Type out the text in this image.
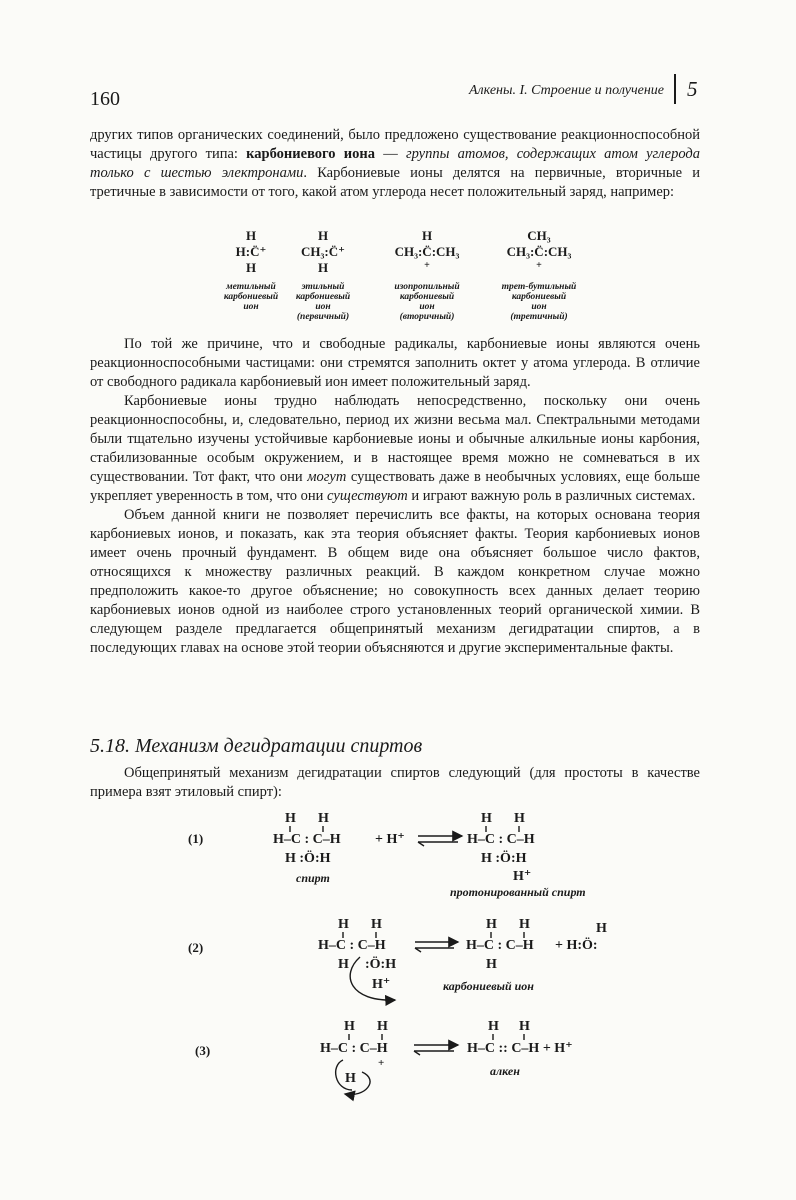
160	Алкены. I. Строение и получение 5

других типов органических соединений, было предложено существование реакционноспособной частицы другого типа: карбониевого иона — группы атомов, содержащих атом углерода только с шестью электронами. Карбониевые ионы делятся на первичные, вторичные и третичные в зависимости от того, какой атом углерода несет положительный заряд, например:

H
H:C̈⁺
H
метильный
карбониевый
ион
H
CH₃:C̈⁺
H
этильный
карбониевый
ион
(первичный)
H
CH₃:C̈:CH₃
+
изопропильный
карбониевый
ион
(вторичный)
CH₃
CH₃:C̈:CH₃
+
трет-бутильный
карбониевый
ион
(третичный)

По той же причине, что и свободные радикалы, карбониевые ионы являются очень реакционноспособными частицами: они стремятся заполнить октет у атома углерода. В отличие от свободного радикала карбониевый ион имеет положительный заряд.

Карбониевые ионы трудно наблюдать непосредственно, поскольку они очень реакционноспособны, и, следовательно, период их жизни весьма мал. Спектральными методами были тщательно изучены устойчивые карбониевые ионы и обычные алкильные ионы карбония, стабилизованные особым окружением, и в настоящее время можно не сомневаться в их существовании. Тот факт, что они могут существовать даже в необычных условиях, еще больше укрепляет уверенность в том, что они существуют и играют важную роль в различных системах.

Объем данной книги не позволяет перечислить все факты, на которых основана теория карбониевых ионов, и показать, как эта теория объясняет факты. Теория карбониевых ионов имеет очень прочный фундамент. В общем виде она объясняет большое число фактов, относящихся к множеству различных реакций. В каждом конкретном случае можно предположить какое-то другое объяснение; но совокупность всех данных делает теорию карбониевых ионов одной из наиболее строго установленных теорий органической химии. В следующем разделе предлагается общепринятый механизм дегидратации спиртов, а в последующих главах на основе этой теории объясняются и другие экспериментальные факты.

5.18. Механизм дегидратации спиртов

Общепринятый механизм дегидратации спиртов следующий (для простоты в качестве примера взят этиловый спирт):

(1)
(2)
(3)
H H
H–C : C–H
H :Ö:H
+ H⁺
H H
H–C : C–H
H :Ö:H
H⁺
H H
H–C : C–H
H :Ö:H
H⁺
H H
H–C : C–H
H
+ H:Ö:
H
H H
H–C : C–H
+
H
H H
H–C :: C–H + H⁺
спирт
протонированный спирт
карбониевый ион
алкен
